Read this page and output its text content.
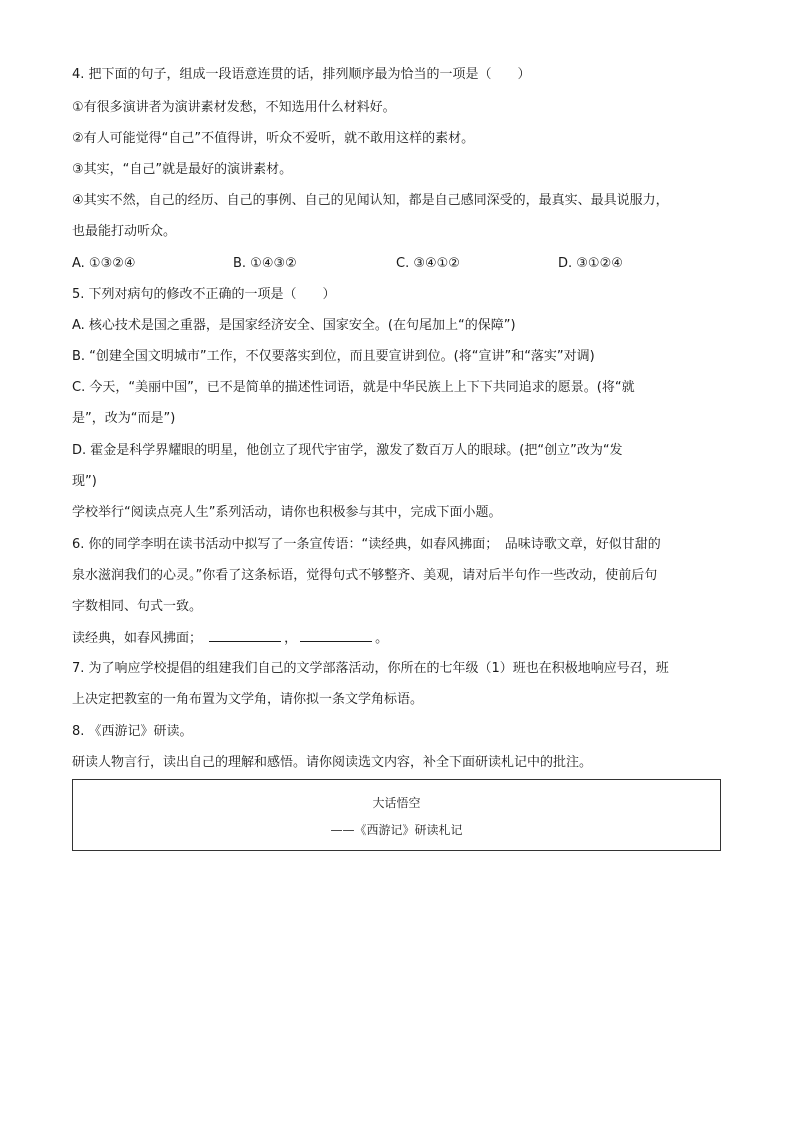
4. 把下面的句子，组成一段语意连贯的话，排列顺序最为恰当的一项是（　　）
①有很多演讲者为演讲素材发愁，不知选用什么材料好。
②有人可能觉得“自己”不值得讲，听众不爱听，就不敢用这样的素材。
③其实，“自己”就是最好的演讲素材。
④其实不然，自己的经历、自己的事例、自己的见闻认知，都是自己感同深受的，最真实、最具说服力，
也最能打动听众。
A. ①③②④	B. ①④③②	C. ③④①②	D. ③①②④
5. 下列对病句的修改不正确的一项是（　　）
A. 核心技术是国之重器，是国家经济安全、国家安全。(在句尾加上“的保障”)
B. “创建全国文明城市”工作，不仅要落实到位，而且要宣讲到位。(将“宣讲”和“落实”对调)
C. 今天，“美丽中国”，已不是简单的描述性词语，就是中华民族上上下下共同追求的愿景。(将“就
是”，改为“而是”)
D. 霍金是科学界耀眼的明星，他创立了现代宇宙学，激发了数百万人的眼球。(把“创立”改为“发
现”)
学校举行“阅读点亮人生”系列活动，请你也积极参与其中，完成下面小题。
6. 你的同学李明在读书活动中拟写了一条宣传语：“读经典，如春风拂面；　品味诗歌文章，好似甘甜的
泉水滋润我们的心灵。”你看了这条标语，觉得句式不够整齐、美观，请对后半句作一些改动，使前后句
字数相同、句式一致。
读经典，如春风拂面；	，	。
7. 为了响应学校提倡的组建我们自己的文学部落活动，你所在的七年级（1）班也在积极地响应号召，班
上决定把教室的一角布置为文学角，请你拟一条文学角标语。
8. 《西游记》研读。
研读人物言行，读出自己的理解和感悟。请你阅读选文内容，补全下面研读札记中的批注。
大话悟空
——《西游记》研读札记
